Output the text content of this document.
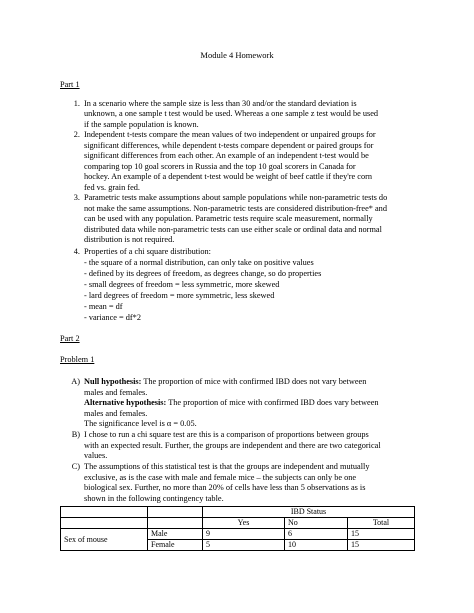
Module 4 Homework
Part 1
1. In a scenario where the sample size is less than 30 and/or the standard deviation is
unknown, a one sample t test would be used. Whereas a one sample z test would be used
if the sample population is known.
2. Independent t-tests compare the mean values of two independent or unpaired groups for
significant differences, while dependent t-tests compare dependent or paired groups for
significant differences from each other. An example of an independent t-test would be
comparing top 10 goal scorers in Russia and the top 10 goal scorers in Canada for
hockey. An example of a dependent t-test would be weight of beef cattle if they're corn
fed vs. grain fed.
3. Parametric tests make assumptions about sample populations while non-parametric tests do
not make the same assumptions. Non-parametric tests are considered distribution-free* and
can be used with any population. Parametric tests require scale measurement, normally
distributed data while non-parametric tests can use either scale or ordinal data and normal
distribution is not required.
4. Properties of a chi square distribution:
- the square of a normal distribution, can only take on positive values
- defined by its degrees of freedom, as degrees change, so do properties
- small degrees of freedom = less symmetric, more skewed
- lard degrees of freedom = more symmetric, less skewed
- mean = df
- variance = df*2
Part 2
Problem 1
A) Null hypothesis: The proportion of mice with confirmed IBD does not vary between
males and females.
Alternative hypothesis: The proportion of mice with confirmed IBD does vary between
males and females.
The significance level is α = 0.05.
B) I chose to run a chi square test are this is a comparison of proportions between groups
with an expected result. Further, the groups are independent and there are two categorical
values.
C) The assumptions of this statistical test is that the groups are independent and mutually
exclusive, as is the case with male and female mice – the subjects can only be one
biological sex. Further, no more than 20% of cells have less than 5 observations as is
shown in the following contingency table.
		IBD Status		
		Yes	No	Total
Sex of mouse	Male	9	6	15
	Female	5	10	15
